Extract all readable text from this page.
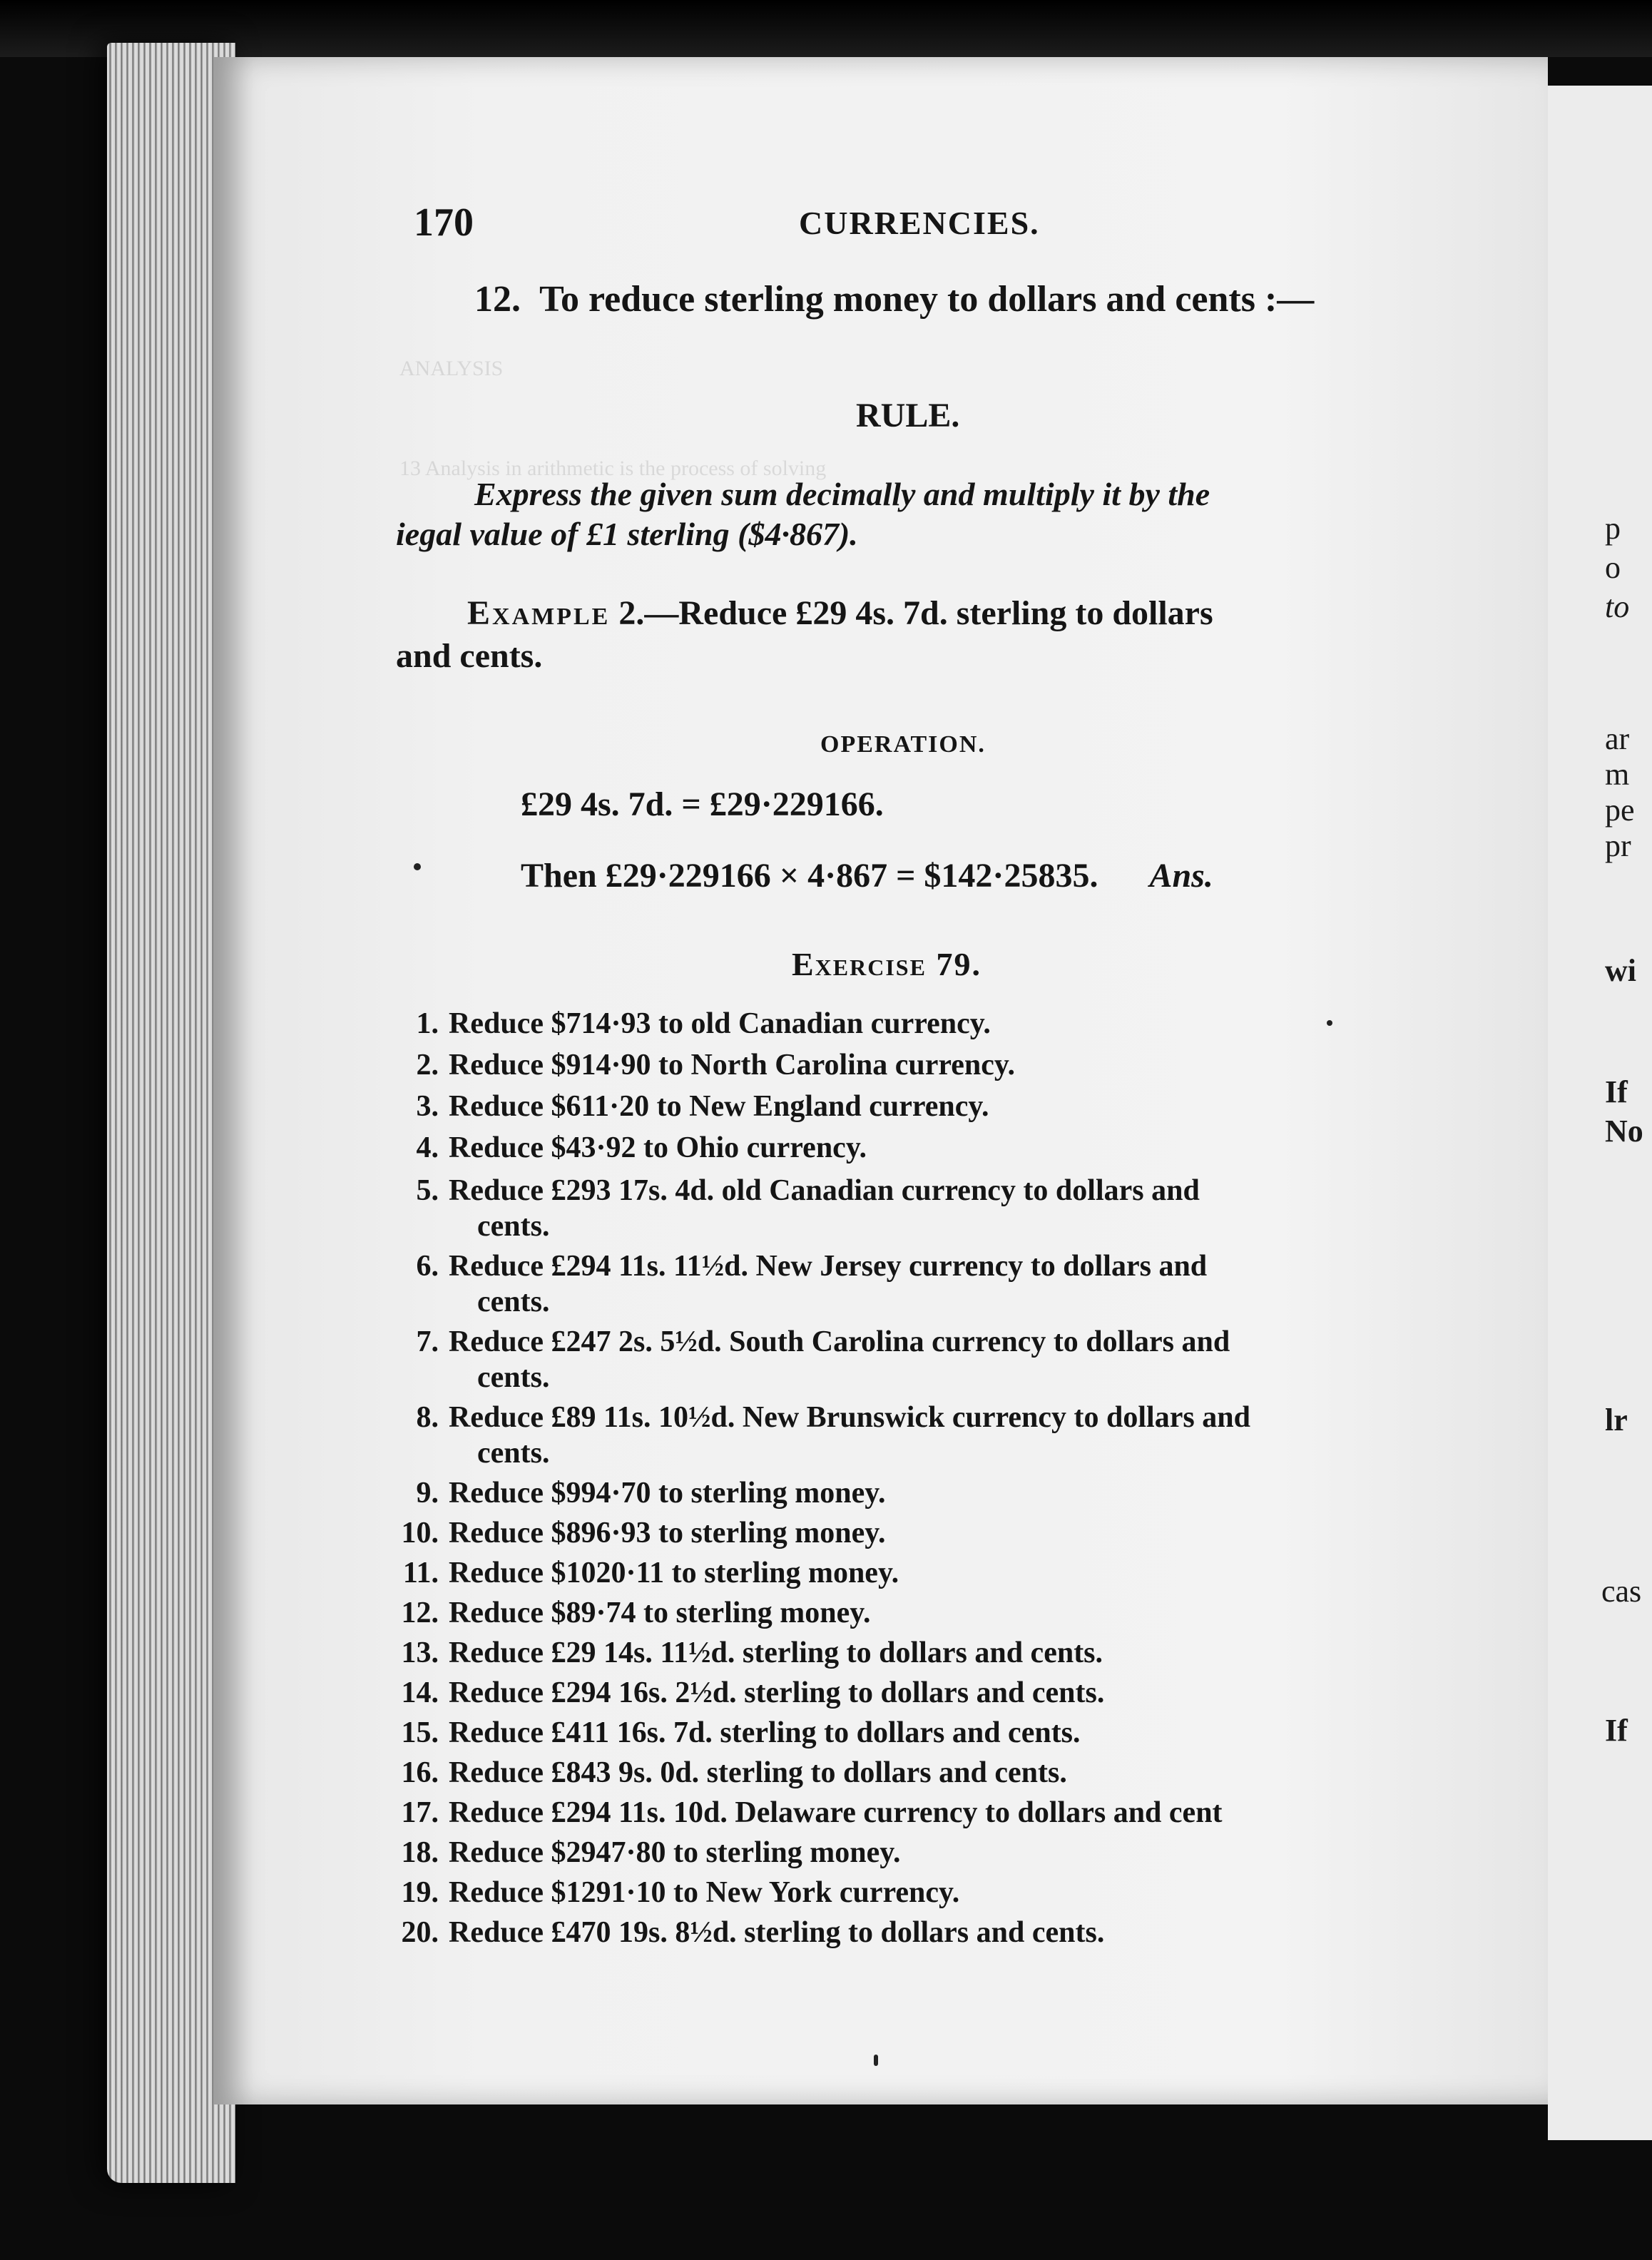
ANALYSIS
13 Analysis in arithmetic is the process of solving
p
o
to
ar
m
pe
pr
wi
If
No
lr
cas
If
170	CURRENCIES.
12. To reduce sterling money to dollars and cents :—
RULE.
Express the given sum decimally and multiply it by the
iegal value of £1 sterling ($4·867).
Example 2.—Reduce £29 4s. 7d. sterling to dollars
and cents.
OPERATION.
£29 4s. 7d. = £29·229166.
Then £29·229166 × 4·867 = $142·25835. Ans.
Exercise 79.
1. Reduce $714·93 to old Canadian currency.
2. Reduce $914·90 to North Carolina currency.
3. Reduce $611·20 to New England currency.
4. Reduce $43·92 to Ohio currency.
5. Reduce £293 17s. 4d. old Canadian currency to dollars and
cents.
6. Reduce £294 11s. 11½d. New Jersey currency to dollars and
cents.
7. Reduce £247 2s. 5½d. South Carolina currency to dollars and
cents.
8. Reduce £89 11s. 10½d. New Brunswick currency to dollars and
cents.
9. Reduce $994·70 to sterling money.
10. Reduce $896·93 to sterling money.
11. Reduce $1020·11 to sterling money.
12. Reduce $89·74 to sterling money.
13. Reduce £29 14s. 11½d. sterling to dollars and cents.
14. Reduce £294 16s. 2½d. sterling to dollars and cents.
15. Reduce £411 16s. 7d. sterling to dollars and cents.
16. Reduce £843 9s. 0d. sterling to dollars and cents.
17. Reduce £294 11s. 10d. Delaware currency to dollars and cent
18. Reduce $2947·80 to sterling money.
19. Reduce $1291·10 to New York currency.
20. Reduce £470 19s. 8½d. sterling to dollars and cents.
